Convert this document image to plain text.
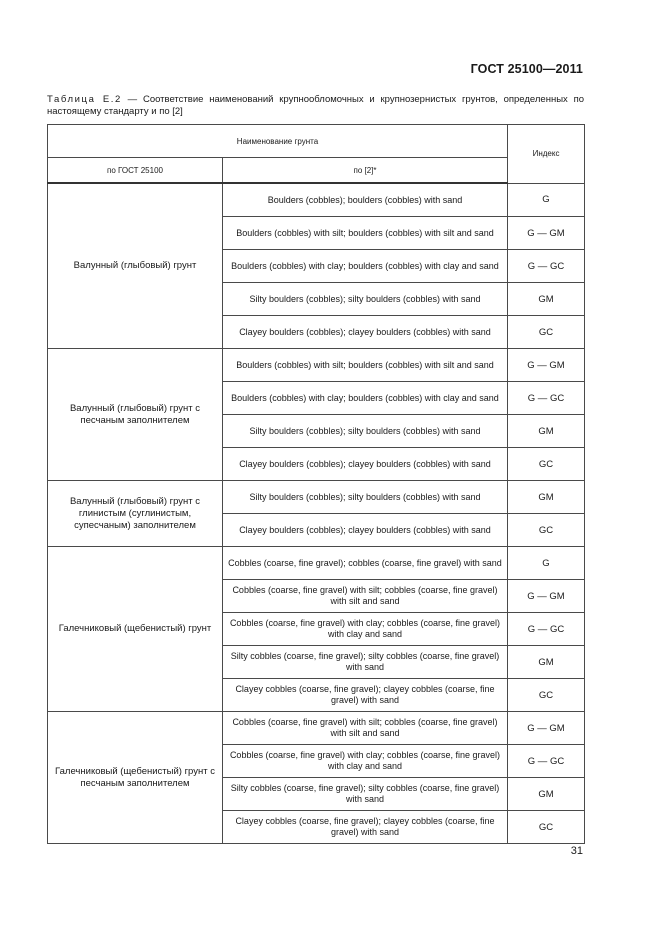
ГОСТ 25100—2011
Таблица Е.2 — Соответствие наименований крупнообломочных и крупнозернистых грунтов, определенных по настоящему стандарту и по [2]
Наименование грунта		Индекс
по ГОСТ 25100	по [2]*	
Валунный (глыбовый) грунт	Boulders (cobbles); boulders (cobbles) with sand	G
	Boulders (cobbles) with silt; boulders (cobbles) with silt and sand	G — GM
	Boulders (cobbles) with clay; boulders (cobbles) with clay and sand	G — GC
	Silty boulders (cobbles); silty boulders (cobbles) with sand	GM
	Clayey boulders (cobbles); clayey boulders (cobbles) with sand	GC
Валунный (глыбовый) грунт с песчаным заполнителем	Boulders (cobbles) with silt; boulders (cobbles) with silt and sand	G — GM
	Boulders (cobbles) with clay; boulders (cobbles) with clay and sand	G — GC
	Silty boulders (cobbles); silty boulders (cobbles) with sand	GM
	Clayey boulders (cobbles); clayey boulders (cobbles) with sand	GC
Валунный (глыбовый) грунт с глинистым (суглинистым, супесчаным) заполнителем	Silty boulders (cobbles); silty boulders (cobbles) with sand	GM
	Clayey boulders (cobbles); clayey boulders (cobbles) with sand	GC
Галечниковый (щебенистый) грунт	Cobbles (coarse, fine gravel); cobbles (coarse, fine gravel) with sand	G
	Cobbles (coarse, fine gravel) with silt; cobbles (coarse, fine gravel) with silt and sand	G — GM
	Cobbles (coarse, fine gravel) with clay; cobbles (coarse, fine gravel) with clay and sand	G — GC
	Silty cobbles (coarse, fine gravel); silty cobbles (coarse, fine gravel) with sand	GM
	Clayey cobbles (coarse, fine gravel); clayey cobbles (coarse, fine gravel) with sand	GC
Галечниковый (щебенистый) грунт с песчаным заполнителем	Cobbles (coarse, fine gravel) with silt; cobbles (coarse, fine gravel) with silt and sand	G — GM
	Cobbles (coarse, fine gravel) with clay; cobbles (coarse, fine gravel) with clay and sand	G — GC
	Silty cobbles (coarse, fine gravel); silty cobbles (coarse, fine gravel) with sand	GM
	Clayey cobbles (coarse, fine gravel); clayey cobbles (coarse, fine gravel) with sand	GC
31
